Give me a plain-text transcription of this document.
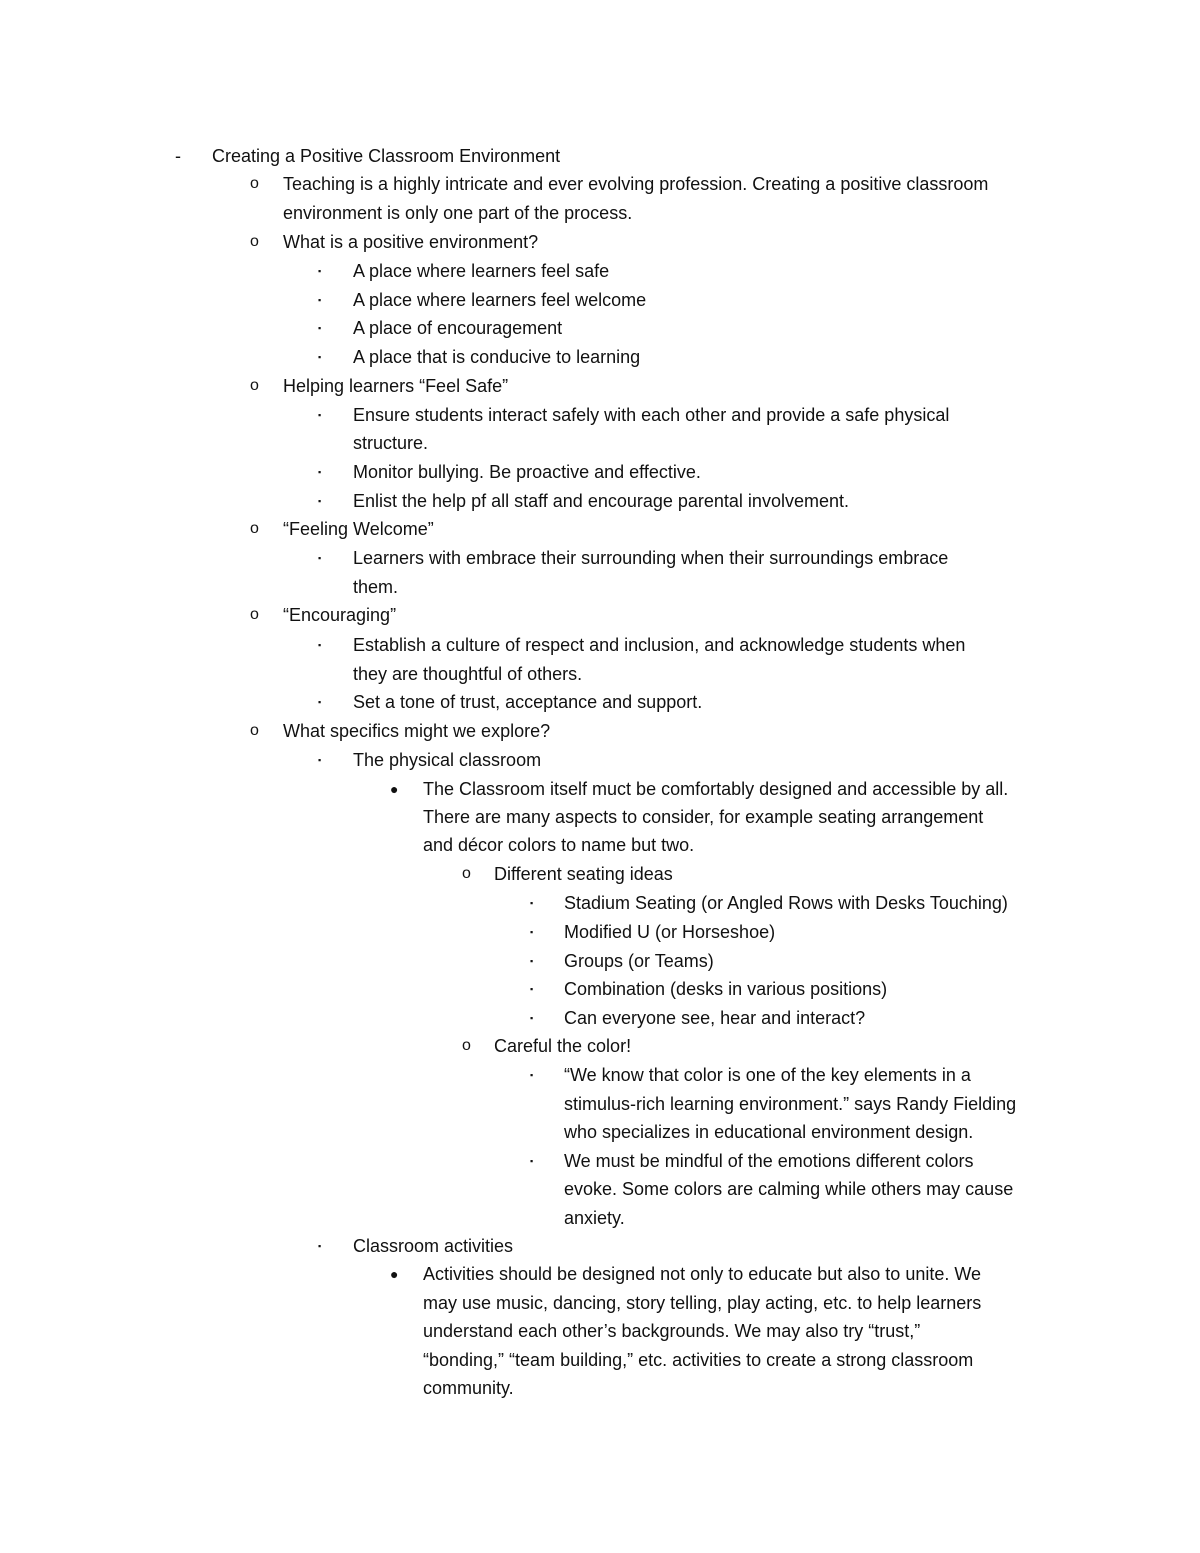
- Creating a Positive Classroom Environment
o Teaching is a highly intricate and ever evolving profession. Creating a positive classroom
environment is only one part of the process.
o What is a positive environment?
▪ A place where learners feel safe
▪ A place where learners feel welcome
▪ A place of encouragement
▪ A place that is conducive to learning
o Helping learners “Feel Safe”
▪ Ensure students interact safely with each other and provide a safe physical
structure.
▪ Monitor bullying. Be proactive and effective.
▪ Enlist the help pf all staff and encourage parental involvement.
o “Feeling Welcome”
▪ Learners with embrace their surrounding when their surroundings embrace
them.
o “Encouraging”
▪ Establish a culture of respect and inclusion, and acknowledge students when
they are thoughtful of others.
▪ Set a tone of trust, acceptance and support.
o What specifics might we explore?
▪ The physical classroom
● The Classroom itself muct be comfortably designed and accessible by all.
There are many aspects to consider, for example seating arrangement
and décor colors to name but two.
o Different seating ideas
▪ Stadium Seating (or Angled Rows with Desks Touching)
▪ Modified U (or Horseshoe)
▪ Groups (or Teams)
▪ Combination (desks in various positions)
▪ Can everyone see, hear and interact?
o Careful the color!
▪ “We know that color is one of the key elements in a
stimulus-rich learning environment.” says Randy Fielding
who specializes in educational environment design.
▪ We must be mindful of the emotions different colors
evoke. Some colors are calming while others may cause
anxiety.
▪ Classroom activities
● Activities should be designed not only to educate but also to unite. We
may use music, dancing, story telling, play acting, etc. to help learners
understand each other’s backgrounds. We may also try “trust,”
“bonding,” “team building,” etc. activities to create a strong classroom
community.
